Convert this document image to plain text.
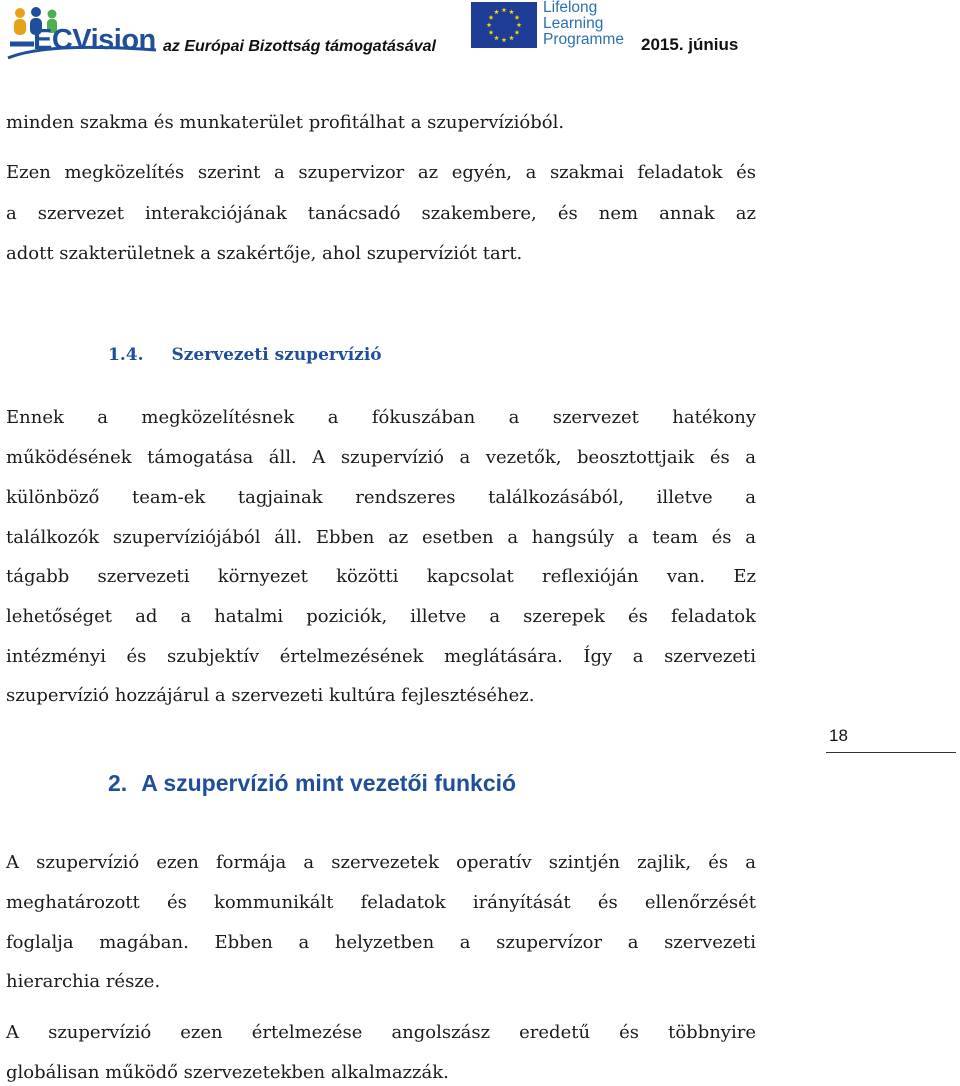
ECVision az Európai Bizottság támogatásával
Lifelong
Learning
Programme 2015. június
minden szakma és munkaterület profitálhat a szupervízióból.
Ezen megközelítés szerint a szupervizor az egyén, a szakmai feladatok és
a szervezet interakciójának tanácsadó szakembere, és nem annak az
adott szakterületnek a szakértője, ahol szupervíziót tart.
1.4. Szervezeti szupervízió
Ennek a megközelítésnek a fókuszában a szervezet hatékony
működésének támogatása áll. A szupervízió a vezetők, beosztottjaik és a
különböző team-ek tagjainak rendszeres találkozásából, illetve a
találkozók szupervíziójából áll. Ebben az esetben a hangsúly a team és a
tágabb szervezeti környezet közötti kapcsolat reflexióján van. Ez
lehetőséget ad a hatalmi poziciók, illetve a szerepek és feladatok
intézményi és szubjektív értelmezésének meglátására. Így a szervezeti
szupervízió hozzájárul a szervezeti kultúra fejlesztéséhez.
18
2. A szupervízió mint vezetői funkció
A szupervízió ezen formája a szervezetek operatív szintjén zajlik, és a
meghatározott és kommunikált feladatok irányítását és ellenőrzését
foglalja magában. Ebben a helyzetben a szupervízor a szervezeti
hierarchia része.
A szupervízió ezen értelmezése angolszász eredetű és többnyire
globálisan működő szervezetekben alkalmazzák.
